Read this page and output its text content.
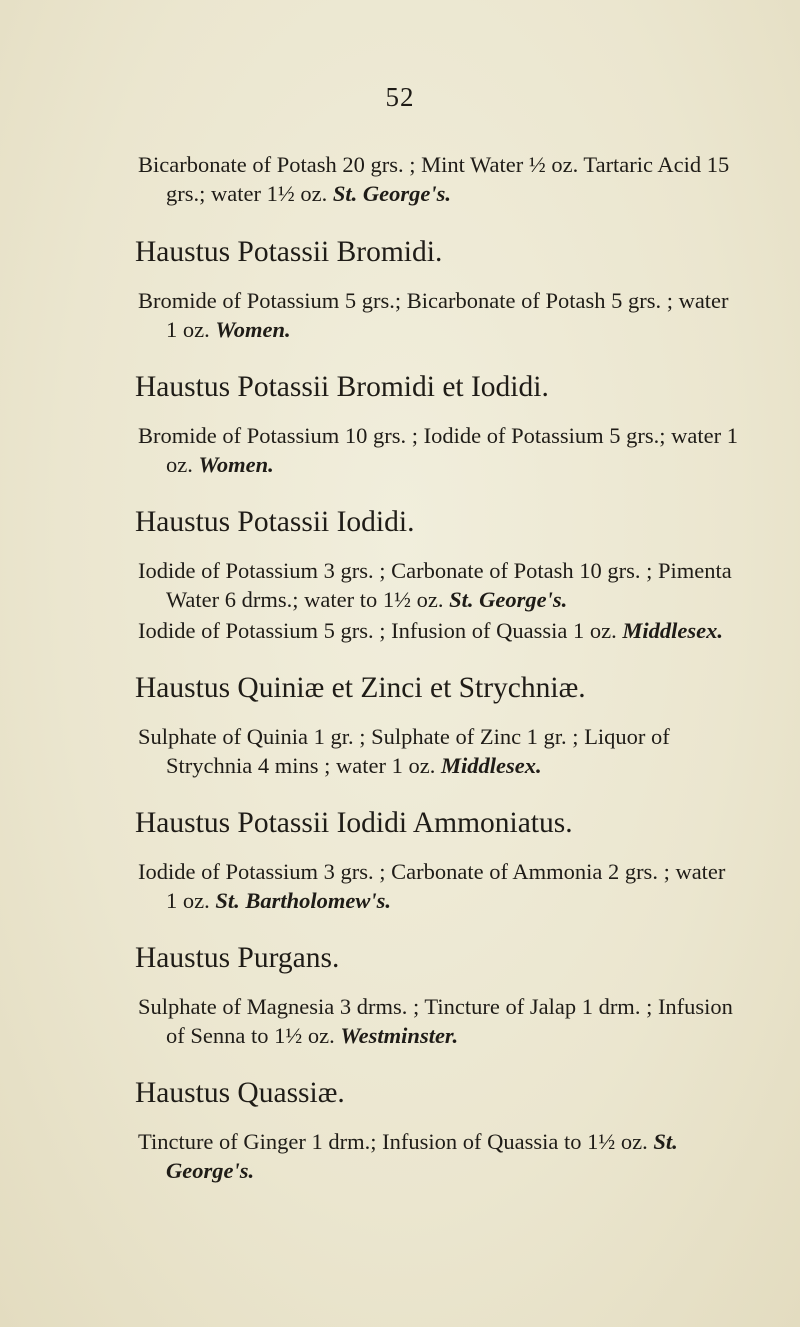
52

Bicarbonate of Potash 20 grs. ; Mint Water ½ oz. Tartaric Acid 15 grs.; water 1½ oz. St. George's.

Haustus Potassii Bromidi.

Bromide of Potassium 5 grs.; Bicarbonate of Potash 5 grs. ; water 1 oz. Women.

Haustus Potassii Bromidi et Iodidi.

Bromide of Potassium 10 grs. ; Iodide of Potassium 5 grs.; water 1 oz. Women.

Haustus Potassii Iodidi.

Iodide of Potassium 3 grs. ; Carbonate of Potash 10 grs. ; Pimenta Water 6 drms.; water to 1½ oz. St. George's.

Iodide of Potassium 5 grs. ; Infusion of Quassia 1 oz. Middlesex.

Haustus Quiniæ et Zinci et Strychniæ.

Sulphate of Quinia 1 gr. ; Sulphate of Zinc 1 gr. ; Liquor of Strychnia 4 mins ; water 1 oz. Middlesex.

Haustus Potassii Iodidi Ammoniatus.

Iodide of Potassium 3 grs. ; Carbonate of Ammonia 2 grs. ; water 1 oz. St. Bartholomew's.

Haustus Purgans.

Sulphate of Magnesia 3 drms. ; Tincture of Jalap 1 drm. ; Infusion of Senna to 1½ oz. Westminster.

Haustus Quassiæ.

Tincture of Ginger 1 drm.; Infusion of Quassia to 1½ oz. St. George's.
